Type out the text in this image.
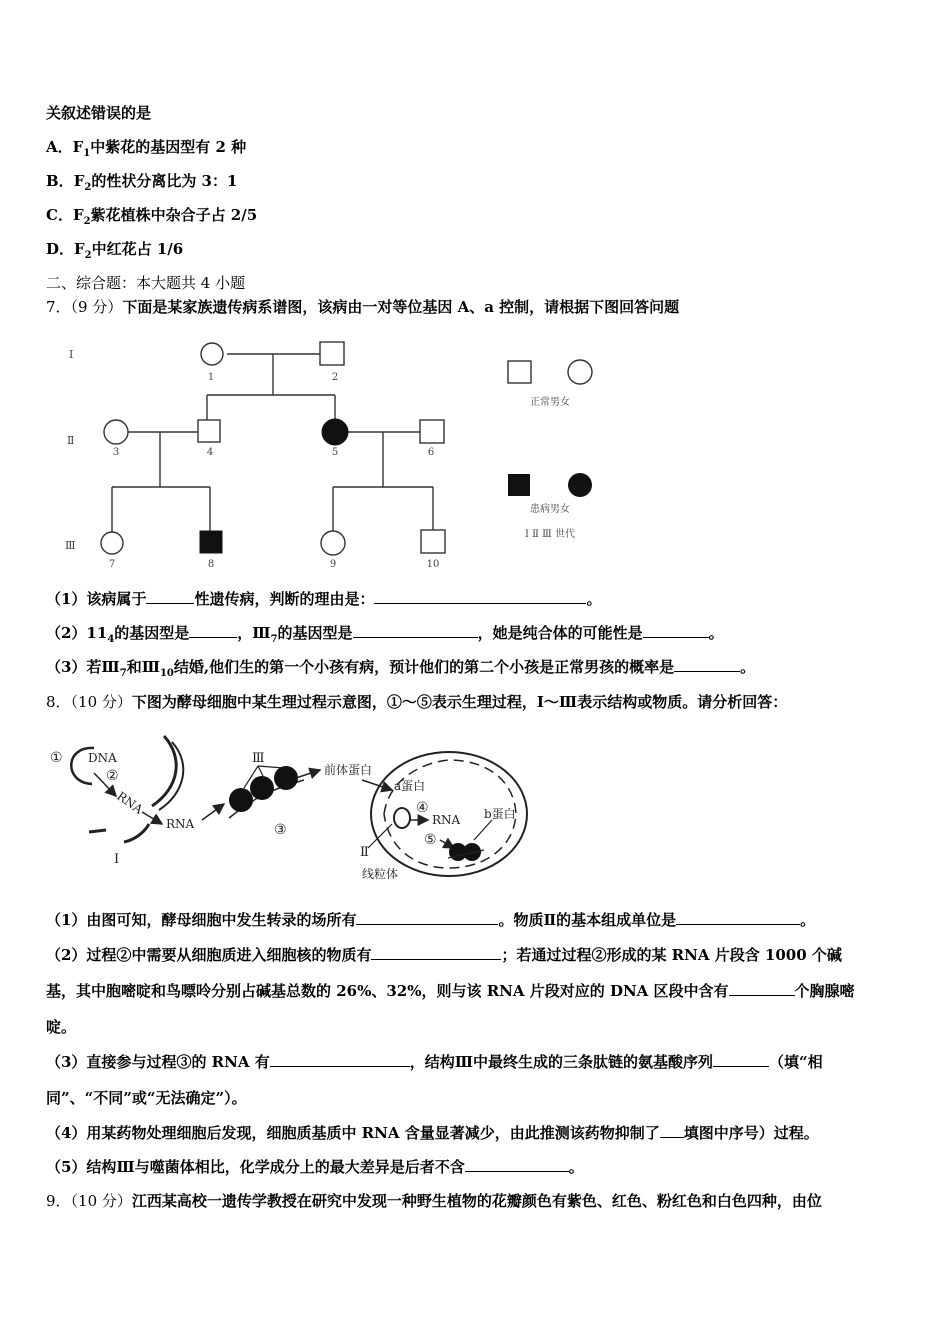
关叙述错误的是
A．$F_1$中紫花的基因型有 2 种
B．$F_2$的性状分离比为 3：1
C．$F_2$紫花植株中杂合子占 2/5
D．$F_2$中红花占 1/6
二、综合题：本大题共 4 小题
7．（9 分）下面是某家族遗传病系谱图，该病由一对等位基因 A、a 控制，请根据下图回答问题
Ⅰ
Ⅱ
Ⅲ
1	2
3	4	5	6
7	8	9	10
正常男女
患病男女
Ⅰ Ⅱ Ⅲ 世代
（1）该病属于	性遗传病，判断的理由是：	。
$(2)11_4$的基因型是	，$Ⅲ_7$的基因型是	，她是纯合体的可能性是	。
（3）若$Ⅲ_7$和$Ⅲ_{10}$结婚,他们生的第一个小孩有病，预计他们的第二个小孩是正常男孩的概率是	。
8．（10 分）下图为酵母细胞中某生理过程示意图，①～⑤表示生理过程，Ⅰ～Ⅲ表示结构或物质。请分析回答：
① DNA
②
RNA
RNA
Ⅰ
Ⅲ
③
前体蛋白
a蛋白
④
RNA b蛋白
⑤
Ⅱ
线粒体
（1）由图可知，酵母细胞中发生转录的场所有	。物质Ⅱ的基本组成单位是	。
（2）过程②中需要从细胞质进入细胞核的物质有	；若通过过程②形成的某 RNA 片段含 1000 个碱
基，其中胞嘧啶和鸟嘌呤分别占碱基总数的 26%、32%，则与该 RNA 片段对应的 DNA 区段中含有	个胸腺嘧
啶。
（3）直接参与过程③的 RNA 有	，结构Ⅲ中最终生成的三条肽链的氨基酸序列	（填“相
同”、“不同”或“无法确定”）。
（4）用某药物处理细胞后发现，细胞质基质中 RNA 含量显著减少，由此推测该药物抑制了 填图中序号）过程。
（5）结构Ⅲ与噬菌体相比，化学成分上的最大差异是后者不含	。
9．（10 分）江西某高校一遗传学教授在研究中发现一种野生植物的花瓣颜色有紫色、红色、粉红色和白色四种，由位
